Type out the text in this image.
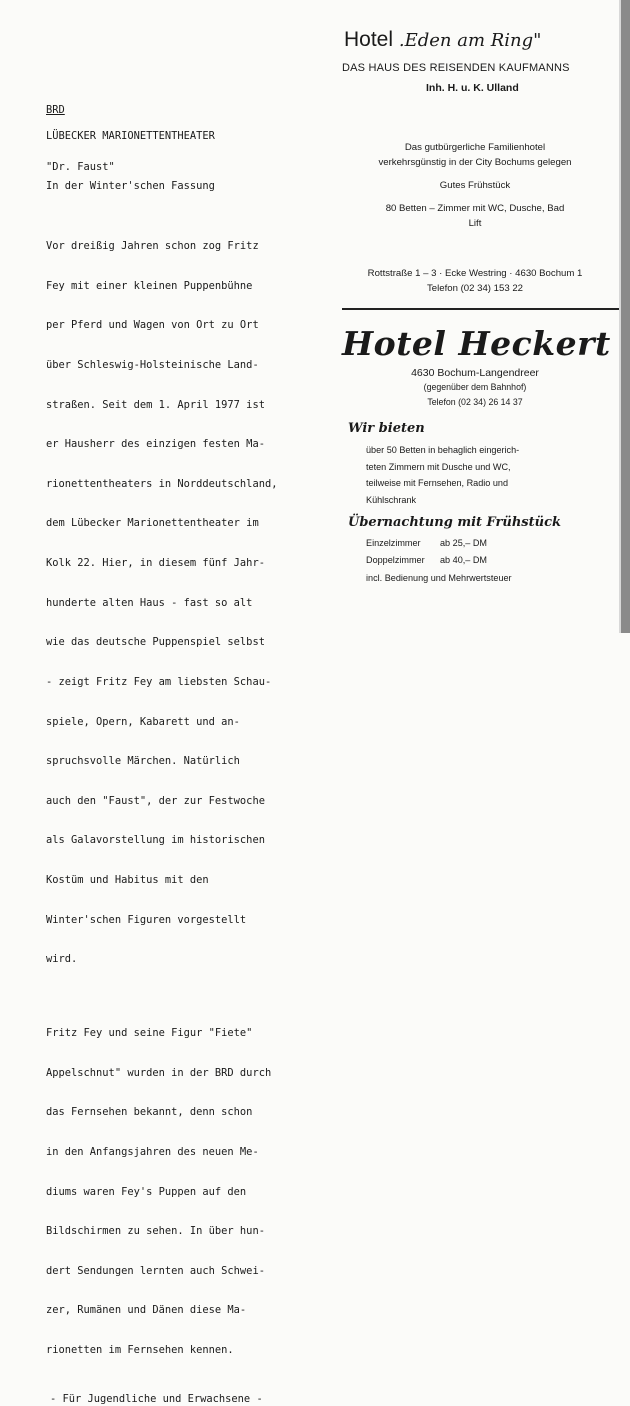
BRD

LÜBECKER MARIONETTENTHEATER

"Dr. Faust"

In der Winter'schen Fassung

Vor dreißig Jahren schon zog Fritz

Fey mit einer kleinen Puppenbühne

per Pferd und Wagen von Ort zu Ort

über Schleswig-Holsteinische Land-

straßen. Seit dem 1. April 1977 ist

er Hausherr des einzigen festen Ma-

rionettentheaters in Norddeutschland,

dem Lübecker Marionettentheater im

Kolk 22. Hier, in diesem fünf Jahr-

hunderte alten Haus - fast so alt

wie das deutsche Puppenspiel selbst

- zeigt Fritz Fey am liebsten Schau-

spiele, Opern, Kabarett und an-

spruchsvolle Märchen. Natürlich

auch den "Faust", der zur Festwoche

als Galavorstellung im historischen

Kostüm und Habitus mit den

Winter'schen Figuren vorgestellt

wird.

Fritz Fey und seine Figur "Fiete"

Appelschnut" wurden in der BRD durch

das Fernsehen bekannt, denn schon

in den Anfangsjahren des neuen Me-

diums waren Fey's Puppen auf den

Bildschirmen zu sehen. In über hun-

dert Sendungen lernten auch Schwei-

zer, Rumänen und Dänen diese Ma-

rionetten im Fernsehen kennen.

- Für Jugendliche und Erwachsene -

Hotel .Eden am Ring"
DAS HAUS DES REISENDEN KAUFMANNS
Inh. H. u. K. Ulland
Das gutbürgerliche Familienhotel
verkehrsgünstig in der City Bochums gelegen
Gutes Frühstück
80 Betten – Zimmer mit WC, Dusche, Bad
Lift
Rottstraße 1 – 3 · Ecke Westring · 4630 Bochum 1
Telefon (02 34) 153 22
Hotel Heckert
4630 Bochum-Langendreer
(gegenüber dem Bahnhof)
Telefon (02 34) 26 14 37
Wir bieten
über 50 Betten in behaglich eingerich-
teten Zimmern mit Dusche und WC,
teilweise mit Fernsehen, Radio und
Kühlschrank
Übernachtung mit Frühstück
Einzelzimmer ab 25,– DM
Doppelzimmer ab 40,– DM
incl. Bedienung und Mehrwertsteuer
